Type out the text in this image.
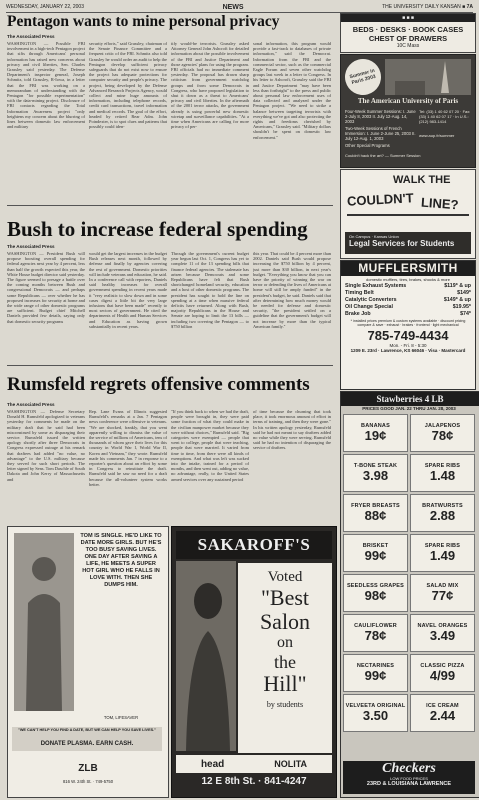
WEDNESDAY, JANUARY 22, 2003	NEWS	THE UNIVERSITY DAILY KANSAN ■ 7A
Pentagon wants to mine personal privacy
The Associated Press
WASHINGTON — Possible FBI involvement in a high-tech Pentagon project that sifts through Americans' personal information has raised new concerns about privacy and civil liberties, Sen. Charles Grassley said yesterday. The Defense Department's inspector general, Joseph Schmitz, told Grassley, R-Iowa, in a letter that the FBI was working on a memorandum of understanding with the Pentagon "for possible experimentation" with the data-mining project. Disclosure of FBI contacts regarding the Total Information Awareness project "only heightens my concern about the blurring of lines between domestic law enforcement and military
security efforts," said Grassley, chairman of the Senate Finance Committee and a frequent critic of the FBI. Schmitz also told Grassley he would order an audit to help the Pentagon develop sufficient privacy safeguards that do not exist now to ensure the project has adequate protections for computer security and people's privacy. The project, being developed by the Defense Advanced Research Projects Agency, would collect and mine huge amounts of information, including telephone records, credit card transactions, travel information and medical records. The goal of the effort, headed by retired Rear Adm. John Poindexter, is to spot clues and patterns that possibly could iden-
tify would-be terrorists. Grassley asked Attorney General John Ashcroft for detailed information about the possible involvement of the FBI and Justice Department and those agencies' plans for using the program. FBI officials had no immediate comment yesterday. The proposal has drawn sharp criticism from government watchdog groups and from some Democrats in Congress, who have proposed legislation to shut it down as a threat to Americans' privacy and civil liberties. In the aftermath of the 2001 terror attacks, the government already is using powerful new domestic wiretap and surveillance capabilities. "At a time when Americans are calling for more privacy of per-
sonal information, this program would provide a fast-track to databases of private information," said the Democrat. Information from the FBI and the commercial sector, such as the commercial Eagle Forum and seven other watchdog groups last week in a letter to Congress. In his letter to Ashcroft, Grassley said the FBI and Justice Department "may have been less than forthright" to the press and public about personal law enforcement uses of data collected and analyzed under the Pentagon project. "We need to strike a balance between targeting terrorists with everything we've got and also protecting the rights and freedoms cherished by Americans," Grassley said. "Military dollars shouldn't be spent on domestic law enforcement."
Bush to increase federal spending
The Associated Press
WASHINGTON — President Bush will propose boosting overall spending for federal agencies next year by 4 percent, less than half the growth expected this year, the White House budget director said yesterday. The figure seemed to presage a battle over the coming months between Bush and congressional Democrats — and perhaps some Republicans — over whether he has proposed increases for security at home and the wide range of other domestic programs are sufficient. Budget chief Mitchell Daniels provided few details, saying only that domestic security programs
would get the largest increases in the budget Bush releases next month, followed by defense and finally by agencies covering the rest of government. Domestic priorities will include veterans and education, he said. In a conference call with reporters, Daniels said healthy increases for overall government spending in recent years made it "very realistic to slow down and in some cases digest a little bit the very large infusions that have been made" recently to most sectors of government. He cited the departments of Health and Human Services and Education as having grown substantially in recent years.
Through the government's current budget year begun last Oct. 1, Congress has yet to complete 11 of the 13 spending bills that finance federal agencies. The stalemate has arisen because Democrats and some Republicans have felt that Bush shortchanged homeland security, education and a host of other domestic programs. The president has sought to hold the line on spending at a time when massive federal deficits have returned. Along with Bush, majority Republicans in the House and Senate are hoping to limit the 13 bills — including two covering the Pentagon — to $750 billion
this year. That could be 4 percent more than 2002. Daniels said Bush would propose increasing the $750 billion by 4 percent, just more than $30 billion, in next year's budget. "Everything you know that you can have the priority of winning the war on terror or defending the lives of Americans at home will still be amply funded" in the president's budget, he said. Daniels said that after determining how much money would be needed for defense and domestic security, "the president settled on a guideline that the government's budget will not increase by more than the typical American family."
Rumsfeld regrets offensive comments
The Associated Press
WASHINGTON — Defense Secretary Donald H. Rumsfeld apologized to veterans yesterday for comments he made on the military draft that he said had been misconstrued by some as disparaging their service. Rumsfeld issued the written apology shortly after three Democrats in Congress expressed outrage at his remark that draftees had added "no value, no advantage" to the U.S. military because they served for such short periods. The letter signed by Sens. Tom Daschle of South Dakota and John Kerry of Massachusetts and
Rep. Lane Evans of Illinois suggested Rumsfeld's remarks at a Jan. 7 Pentagon news conference were offensive to veterans. "We are shocked, frankly, that you went apparently willing to dismiss the value of the service of millions of Americans, tens of thousands of whom gave their lives for this country in World War I, World War II, Korea and Vietnam," they wrote. Rumsfeld made his comments Jan. 7 in response to a reporter's question about an effort by some in Congress to reinstitute the draft. Rumsfeld said he saw no need for a draft because the all-volunteer system works better.
"If you think back to when we had the draft, people were brought in, they were paid some fraction of what they could make in the civilian manpower market because they were without choices," Rumsfeld said. "Big categories were exempted — people that went to college, people that were teaching, people that were married. It varied from time to time, from there were all kinds of exemptions. And what was left was sucked into the intake, trained for a period of months, and then went out, adding no value, no advantage, really, to the United States armed services over any sustained period
of time because the churning that took place, it took enormous amount of effort in terms of training, and then they were gone." In his written apology yesterday, Rumsfeld said he had not meant to say draftees added no value while they were serving. Rumsfeld said he had no intention of disparaging the service of draftees.
■ ■ ■
BEDS · DESKS · BOOK CASES
CHEST OF DRAWERS
10C Mass
Summer in Paris 2003
The American University of Paris
Four-Week Summer Sessions: I. June 2-July 8, 2003 II. July 12-Aug. 14, 2003
Two-Week Sessions of French Immersion: I. June 2-June 25, 2003 II. July 12-Aug. 1, 2003
Other Special Programs
Tel: (33) 1 40 62 07 20 · Fax: (33) 1 40 62 07 17 · In U.S.: (212) 983-1414
www.aup.fr/summer
Couldn't hack the art? — Summer Session
WALK THE
COULDN'T LINE?
On Campus · Kansas Union
Legal Services for Students
MUFFLERSMITH
domestic mufflers, tires, brakes, shocks & more
Single Exhaust Systems	$119* & up
Timing Belt	$149*
Catalytic Converters	$149* & up
Oil Change Special	$19.95*
Brake Job	$74*
* installed prices premium & custom systems available · discount pricing compare & save · exhaust · brakes · frontend · light mechanical
785-749-4434
Mon. - Fri. 8 - 5:30
1209 E. 23rd · Lawrence, KS 66046 · Visa · Mastercard
Stawberries 4 LB
PRICES GOOD JAN. 22 THRU JAN. 28, 2003
BANANAS
19¢
JALAPENOS
78¢
T-BONE STEAK
3.98
SPARE RIBS
1.48
FRYER BREASTS
88¢
BRATWURSTS
2.88
BRISKET
99¢
SPARE RIBS
1.49
SEEDLESS GRAPES
98¢
SALAD MIX
77¢
CAULIFLOWER
78¢
NAVEL ORANGES
3.49
NECTARINES
99¢
CLASSIC PIZZA
4/99
VELVEETA ORIGINAL
3.50
ICE CREAM
2.44
Checkers
LOW FOOD PRICES
23RD & LOUISIANA LAWRENCE
TOM IS SINGLE. HE'D LIKE TO DATE MORE GIRLS. BUT HE'S TOO BUSY SAVING LIVES. ONE DAY AFTER SAVING A LIFE, HE MEETS A SUPER HOT GIRL WHO HE FALLS IN LOVE WITH. THEN SHE DUMPS HIM.
TOM, LIFESAVER
"WE CAN'T HELP YOU FIND A DATE, BUT WE CAN HELP YOU SAVE LIVES."
DONATE PLASMA. EARN CASH.
ZLB
816 W. 24th St. · 749-5750
SAKAROFF'S
Voted
"Best
Salon
on
the
Hill"
by students
head	NOLITA
12 E 8th St. · 841-4247
